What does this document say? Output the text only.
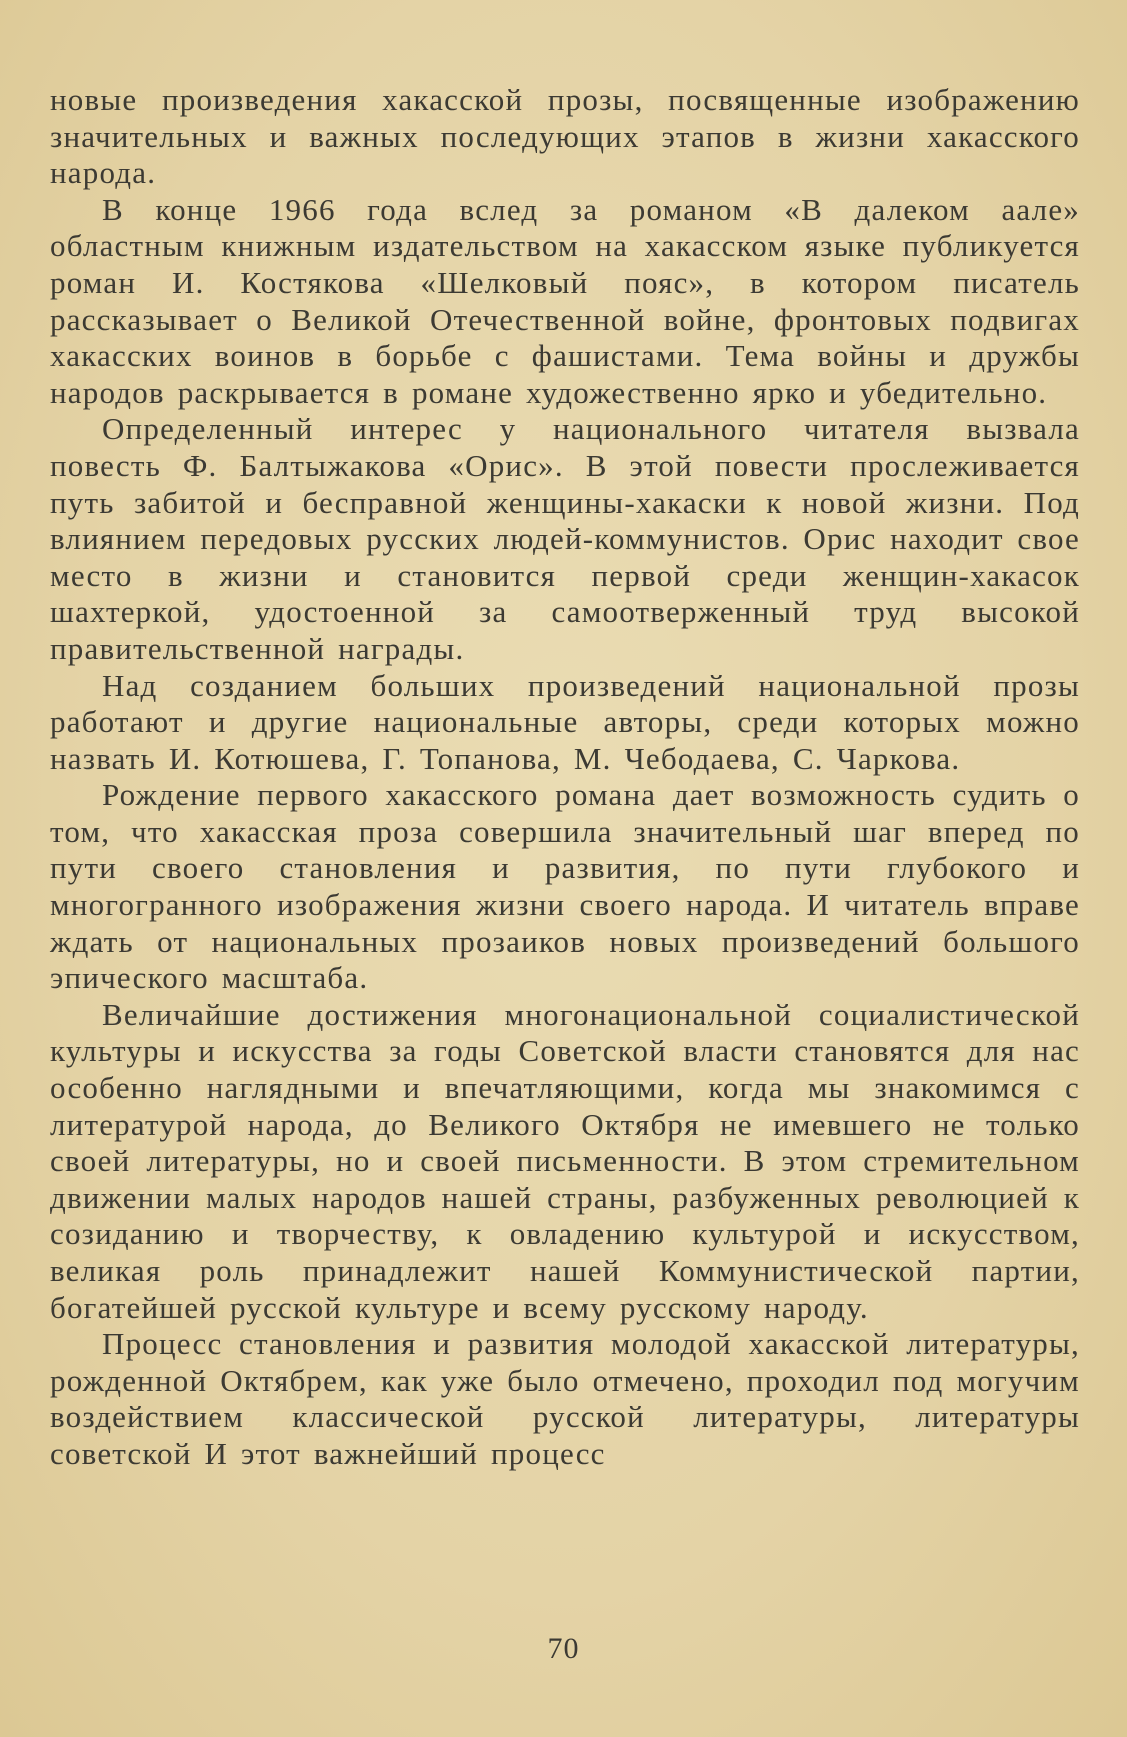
новые произведения хакасской прозы, посвященные изображению значительных и важных последующих этапов в жизни хакасского народа.

В конце 1966 года вслед за романом «В далеком аале» областным книжным издательством на хакасском языке публикуется роман И. Костякова «Шелковый пояс», в котором писатель рассказывает о Великой Отечественной войне, фронтовых подвигах хакасских воинов в борьбе с фашистами. Тема войны и дружбы народов раскрывается в романе художественно ярко и убедительно.

Определенный интерес у национального читателя вызвала повесть Ф. Балтыжакова «Орис». В этой повести прослеживается путь забитой и бесправной женщины-хакаски к новой жизни. Под влиянием передовых русских людей-коммунистов. Орис находит свое место в жизни и становится первой среди женщин-хакасок шахтеркой, удостоенной за самоотверженный труд высокой правительственной награды.

Над созданием больших произведений национальной прозы работают и другие национальные авторы, среди которых можно назвать И. Котюшева, Г. Топанова, М. Чебодаева, С. Чаркова.

Рождение первого хакасского романа дает возможность судить о том, что хакасская проза совершила значительный шаг вперед по пути своего становления и развития, по пути глубокого и многогранного изображения жизни своего народа. И читатель вправе ждать от национальных прозаиков новых произведений большого эпического масштаба.

Величайшие достижения многонациональной социалистической культуры и искусства за годы Советской власти становятся для нас особенно наглядными и впечатляющими, когда мы знакомимся с литературой народа, до Великого Октября не имевшего не только своей литературы, но и своей письменности. В этом стремительном движении малых народов нашей страны, разбуженных революцией к созиданию и творчеству, к овладению культурой и искусством, великая роль принадлежит нашей Коммунистической партии, богатейшей русской культуре и всему русскому народу.

Процесс становления и развития молодой хакасской литературы, рожденной Октябрем, как уже было отмечено, проходил под могучим воздействием классической русской литературы, литературы советской И этот важнейший процесс

70
